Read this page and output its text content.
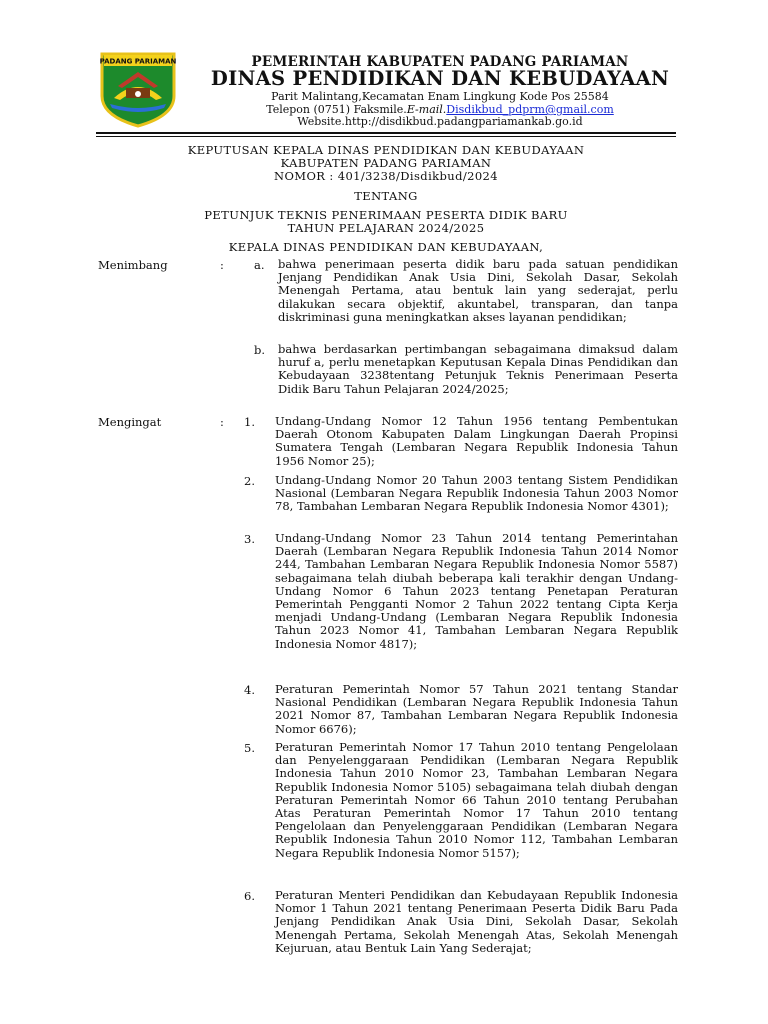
PADANG PARIAMAN	PEMERINTAH KABUPATEN PADANG PARIAMAN
DINAS PENDIDIKAN DAN KEBUDAYAAN
Parit Malintang,Kecamatan Enam Lingkung Kode Pos 25584
Telepon (0751) Faksmile.E-mail.Disdikbud_pdprm@gmail.com
Website.http://disdikbud.padangpariamankab.go.id
KEPUTUSAN KEPALA DINAS PENDIDIKAN DAN KEBUDAYAAN
KABUPATEN PADANG PARIAMAN
NOMOR : 401/3238/Disdikbud/2024
TENTANG
PETUNJUK TEKNIS PENERIMAAN PESERTA DIDIK BARU
TAHUN PELAJARAN 2024/2025
KEPALA DINAS PENDIDIKAN DAN KEBUDAYAAN,
Menimbang	:	a. bahwa penerimaan peserta didik baru pada satuan pendidikan Jenjang Pendidikan Anak Usia Dini, Sekolah Dasar, Sekolah Menengah Pertama, atau bentuk lain yang sederajat, perlu dilakukan secara objektif, akuntabel, transparan, dan tanpa diskriminasi guna meningkatkan akses layanan pendidikan;
b. bahwa berdasarkan pertimbangan sebagaimana dimaksud dalam huruf a, perlu menetapkan Keputusan Kepala Dinas Pendidikan dan Kebudayaan 3238tentang Petunjuk Teknis Penerimaan Peserta Didik Baru Tahun Pelajaran 2024/2025;
Mengingat	: 1. Undang-Undang Nomor 12 Tahun 1956 tentang Pembentukan Daerah Otonom Kabupaten Dalam Lingkungan Daerah Propinsi Sumatera Tengah (Lembaran Negara Republik Indonesia Tahun 1956 Nomor 25);
2. Undang-Undang Nomor 20 Tahun 2003 tentang Sistem Pendidikan Nasional (Lembaran Negara Republik Indonesia Tahun 2003 Nomor 78, Tambahan Lembaran Negara Republik Indonesia Nomor 4301);
3. Undang-Undang Nomor 23 Tahun 2014 tentang Pemerintahan Daerah (Lembaran Negara Republik Indonesia Tahun 2014 Nomor 244, Tambahan Lembaran Negara Republik Indonesia Nomor 5587) sebagaimana telah diubah beberapa kali terakhir dengan Undang-Undang Nomor 6 Tahun 2023 tentang Penetapan Peraturan Pemerintah Pengganti Nomor 2 Tahun 2022 tentang Cipta Kerja menjadi Undang-Undang (Lembaran Negara Republik Indonesia Tahun 2023 Nomor 41, Tambahan Lembaran Negara Republik Indonesia Nomor 4817);
4. Peraturan Pemerintah Nomor 57 Tahun 2021 tentang Standar Nasional Pendidikan (Lembaran Negara Republik Indonesia Tahun 2021 Nomor 87, Tambahan Lembaran Negara Republik Indonesia Nomor 6676);
5. Peraturan Pemerintah Nomor 17 Tahun 2010 tentang Pengelolaan dan Penyelenggaraan Pendidikan (Lembaran Negara Republik Indonesia Tahun 2010 Nomor 23, Tambahan Lembaran Negara Republik Indonesia Nomor 5105) sebagaimana telah diubah dengan Peraturan Pemerintah Nomor 66 Tahun 2010 tentang Perubahan Atas Peraturan Pemerintah Nomor 17 Tahun 2010 tentang Pengelolaan dan Penyelenggaraan Pendidikan (Lembaran Negara Republik Indonesia Tahun 2010 Nomor 112, Tambahan Lembaran Negara Republik Indonesia Nomor 5157);
6. Peraturan Menteri Pendidikan dan Kebudayaan Republik Indonesia Nomor 1 Tahun 2021 tentang Penerimaan Peserta Didik Baru Pada Jenjang Pendidikan Anak Usia Dini, Sekolah Dasar, Sekolah Menengah Pertama, Sekolah Menengah Atas, Sekolah Menengah Kejuruan, atau Bentuk Lain Yang Sederajat;
